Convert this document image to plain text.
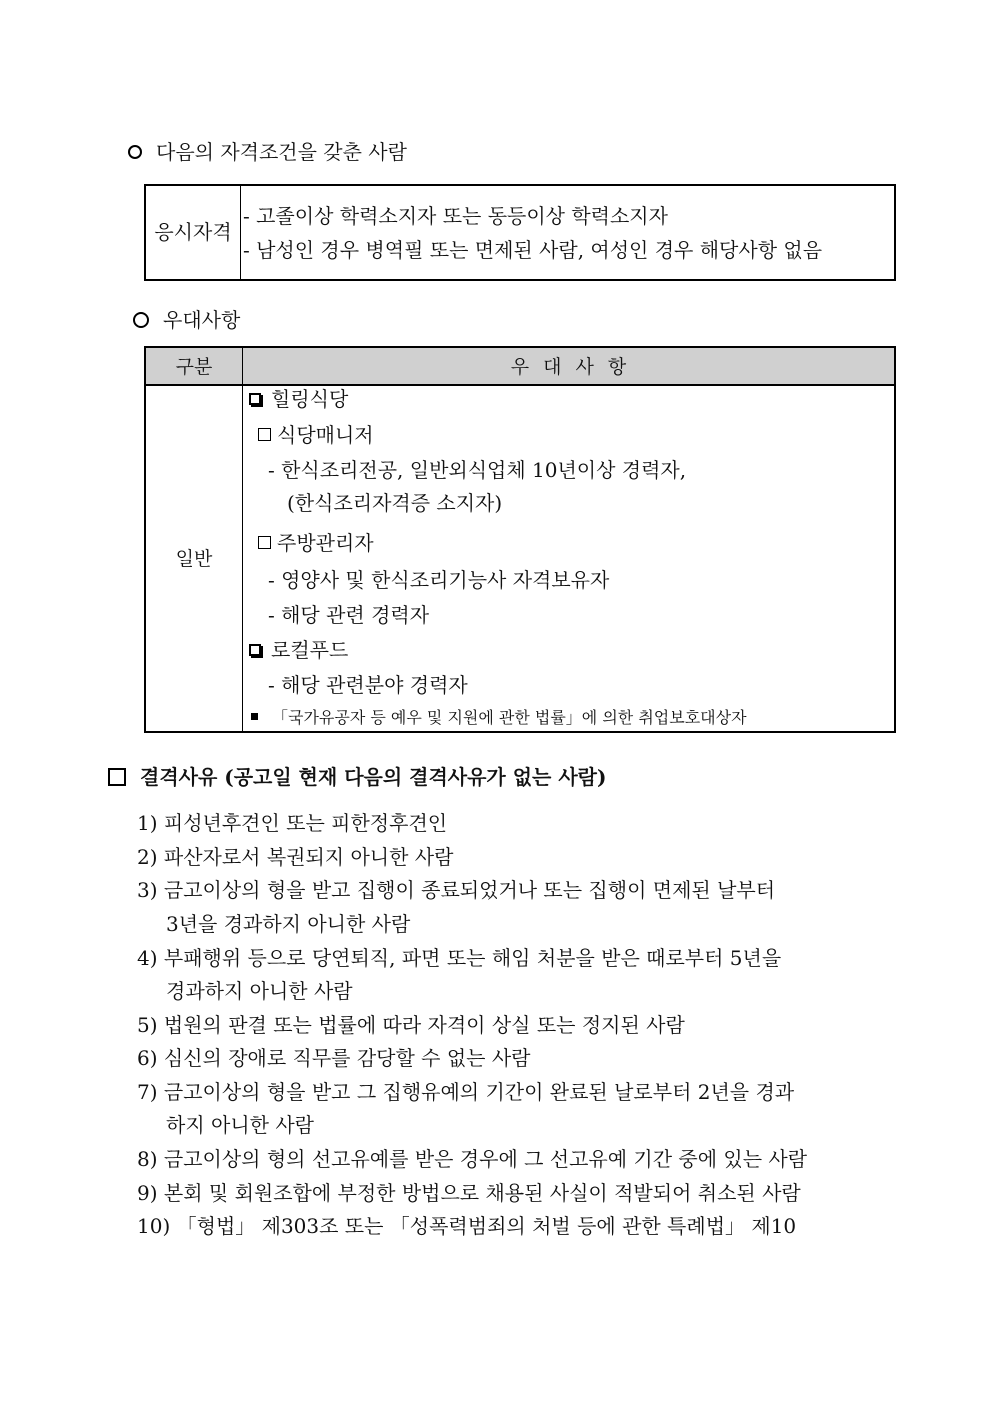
다음의 자격조건을 갖춘 사람
응시자격
- 고졸이상 학력소지자 또는 동등이상 학력소지자
- 남성인 경우 병역필 또는 면제된 사람, 여성인 경우 해당사항 없음
우대사항
구분	우대사항
일반
힐링식당
식당매니저
- 한식조리전공, 일반외식업체 10년이상 경력자,
(한식조리자격증 소지자)
주방관리자
- 영양사 및 한식조리기능사 자격보유자
- 해당 관련 경력자
로컬푸드
- 해당 관련분야 경력자
「국가유공자 등 예우 및 지원에 관한 법률」에 의한 취업보호대상자
결격사유 (공고일 현재 다음의 결격사유가 없는 사람)
1) 피성년후견인 또는 피한정후견인
2) 파산자로서 복권되지 아니한 사람
3) 금고이상의 형을 받고 집행이 종료되었거나 또는 집행이 면제된 날부터
3년을 경과하지 아니한 사람
4) 부패행위 등으로 당연퇴직, 파면 또는 해임 처분을 받은 때로부터 5년을
경과하지 아니한 사람
5) 법원의 판결 또는 법률에 따라 자격이 상실 또는 정지된 사람
6) 심신의 장애로 직무를 감당할 수 없는 사람
7) 금고이상의 형을 받고 그 집행유예의 기간이 완료된 날로부터 2년을 경과
하지 아니한 사람
8) 금고이상의 형의 선고유예를 받은 경우에 그 선고유예 기간 중에 있는 사람
9) 본회 및 회원조합에 부정한 방법으로 채용된 사실이 적발되어 취소된 사람
10) 「형법」 제303조 또는 「성폭력범죄의 처벌 등에 관한 특례법」 제10
